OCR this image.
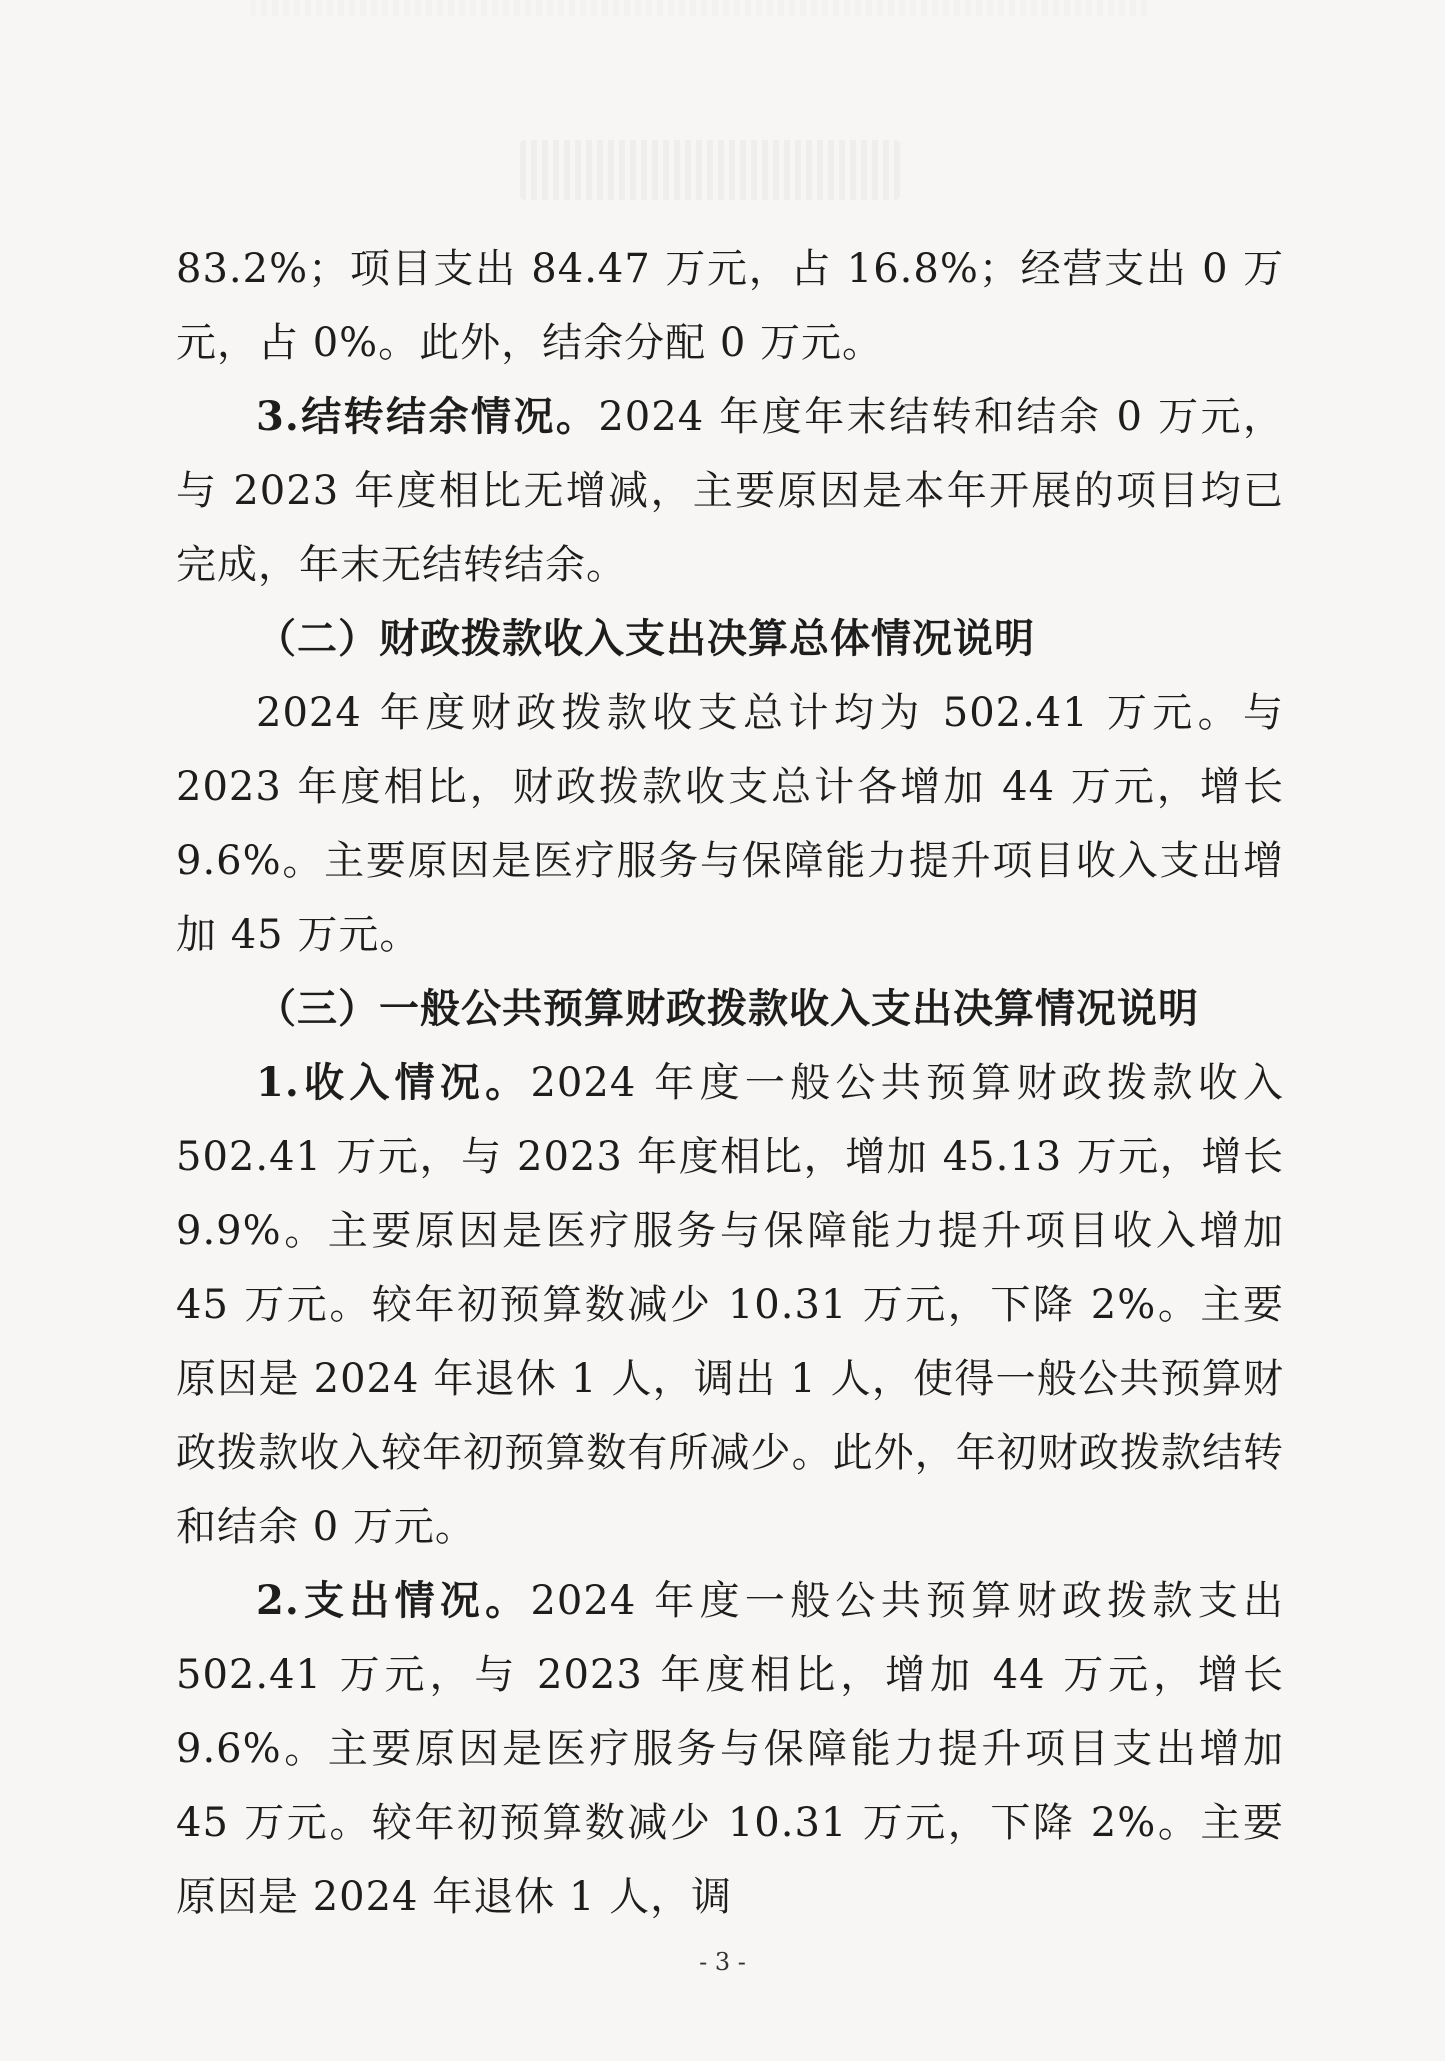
83.2%；项目支出 84.47 万元，占 16.8%；经营支出 0 万元，占 0%。此外，结余分配 0 万元。

3.结转结余情况。2024 年度年末结转和结余 0 万元，与 2023 年度相比无增减，主要原因是本年开展的项目均已完成，年末无结转结余。

（二）财政拨款收入支出决算总体情况说明

2024 年度财政拨款收支总计均为 502.41 万元。与 2023 年度相比，财政拨款收支总计各增加 44 万元，增长 9.6%。主要原因是医疗服务与保障能力提升项目收入支出增加 45 万元。

（三）一般公共预算财政拨款收入支出决算情况说明

1.收入情况。2024 年度一般公共预算财政拨款收入 502.41 万元，与 2023 年度相比，增加 45.13 万元，增长 9.9%。主要原因是医疗服务与保障能力提升项目收入增加 45 万元。较年初预算数减少 10.31 万元，下降 2%。主要原因是 2024 年退休 1 人，调出 1 人，使得一般公共预算财政拨款收入较年初预算数有所减少。此外，年初财政拨款结转和结余 0 万元。

2.支出情况。2024 年度一般公共预算财政拨款支出 502.41 万元，与 2023 年度相比，增加 44 万元，增长 9.6%。主要原因是医疗服务与保障能力提升项目支出增加 45 万元。较年初预算数减少 10.31 万元，下降 2%。主要原因是 2024 年退休 1 人，调

- 3 -
